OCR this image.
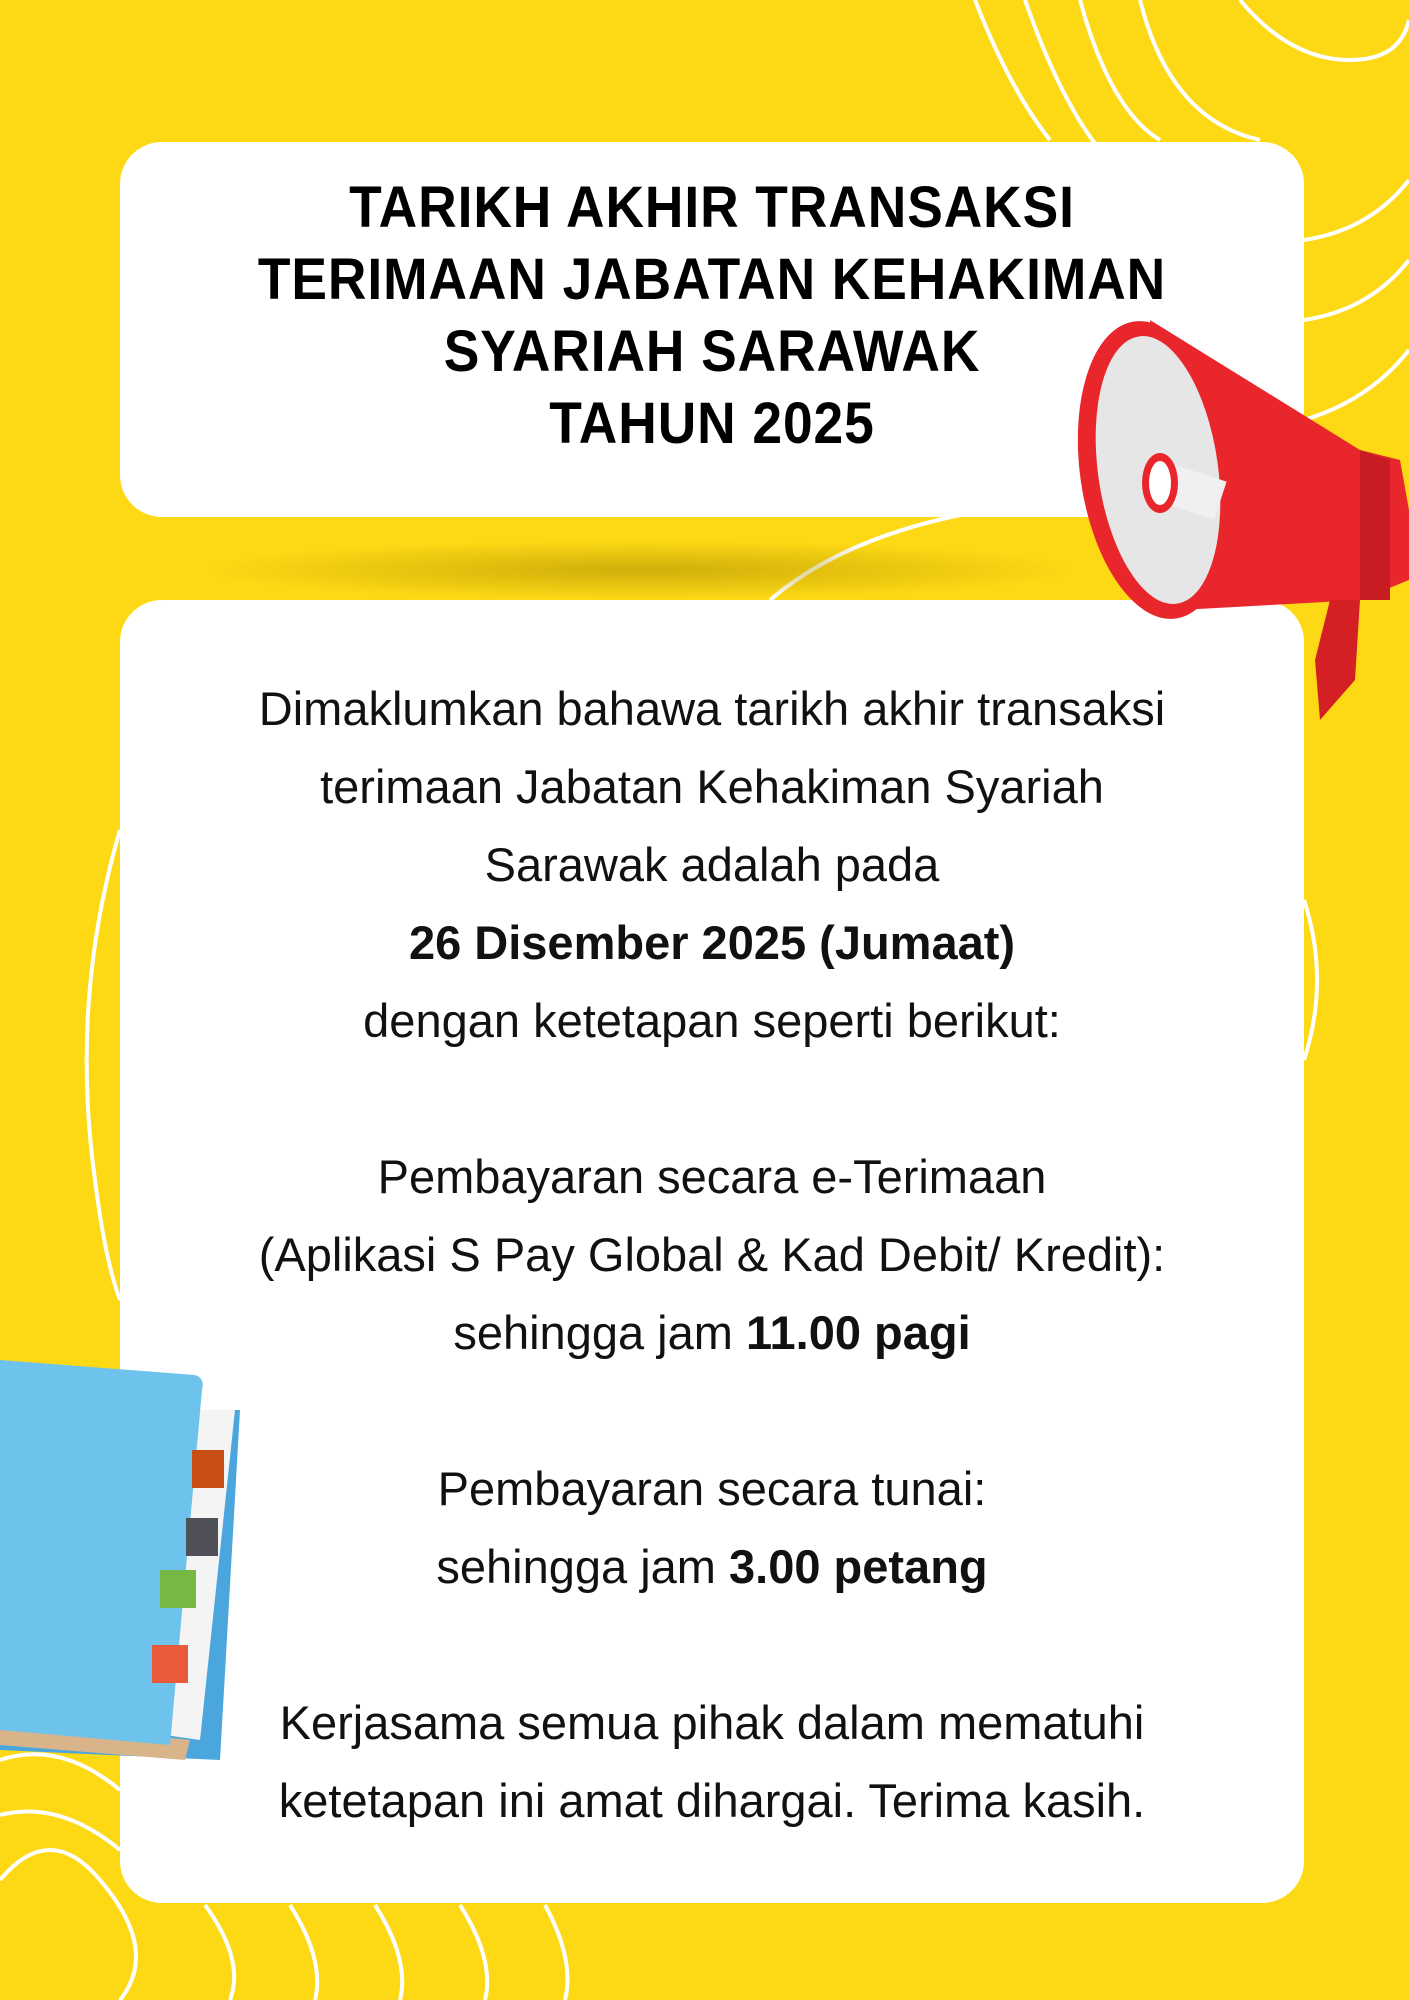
TARIKH AKHIR TRANSAKSI
TERIMAAN JABATAN KEHAKIMAN
SYARIAH SARAWAK
TAHUN 2025

Dimaklumkan bahawa tarikh akhir transaksi

terimaan Jabatan Kehakiman Syariah

Sarawak adalah pada

26 Disember 2025 (Jumaat)

dengan ketetapan seperti berikut:

Pembayaran secara e-Terimaan

(Aplikasi S Pay Global & Kad Debit/ Kredit):

sehingga jam 11.00 pagi

Pembayaran secara tunai:

sehingga jam 3.00 petang

Kerjasama semua pihak dalam mematuhi

ketetapan ini amat dihargai. Terima kasih.
